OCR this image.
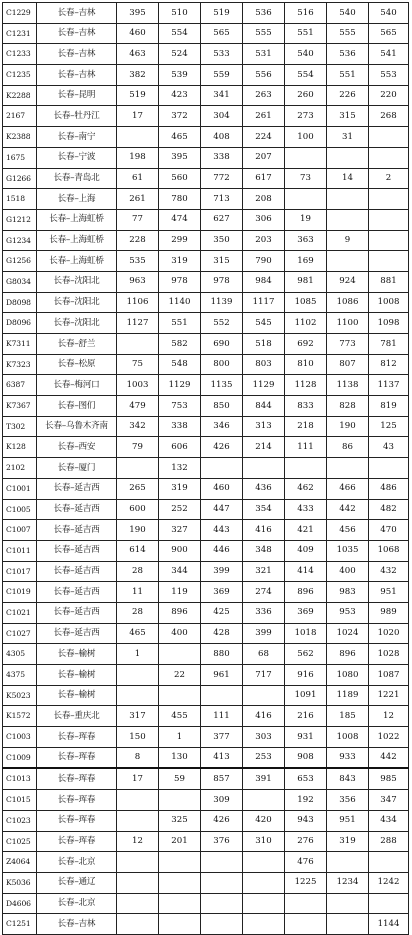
C1229	长春–吉林	395	510	519	536	516	540	540
C1231	长春–吉林	460	554	565	555	551	555	565
C1233	长春–吉林	463	524	533	531	540	536	541
C1235	长春–吉林	382	539	559	556	554	551	553
K2288	长春–昆明	519	423	341	263	260	226	220
2167	长春–牡丹江	17	372	304	261	273	315	268
K2388	长春–南宁		465	408	224	100	31	
1675	长春–宁波	198	395	338	207			
G1266	长春–青岛北	61	560	772	617	73	14	2
1518	长春–上海	261	780	713	208			
G1212	长春–上海虹桥	77	474	627	306	19		
G1234	长春–上海虹桥	228	299	350	203	363	9	
G1256	长春–上海虹桥	535	319	315	790	169		
G8034	长春–沈阳北	963	978	978	984	981	924	881
D8098	长春–沈阳北	1106	1140	1139	1117	1085	1086	1008
D8096	长春–沈阳北	1127	551	552	545	1102	1100	1098
K7311	长春–舒兰		582	690	518	692	773	781
K7323	长春–松原	75	548	800	803	810	807	812
6387	长春–梅河口	1003	1129	1135	1129	1128	1138	1137
K7367	长春–图们	479	753	850	844	833	828	819
T302	长春–乌鲁木齐南	342	338	346	313	218	190	125
K128	长春–西安	79	606	426	214	111	86	43
2102	长春–厦门		132					
C1001	长春–延吉西	265	319	460	436	462	466	486
C1005	长春–延吉西	600	252	447	354	433	442	482
C1007	长春–延吉西	190	327	443	416	421	456	470
C1011	长春–延吉西	614	900	446	348	409	1035	1068
C1017	长春–延吉西	28	344	399	321	414	400	432
C1019	长春–延吉西	11	119	369	274	896	983	951
C1021	长春–延吉西	28	896	425	336	369	953	989
C1027	长春–延吉西	465	400	428	399	1018	1024	1020
4305	长春–榆树	1		880	68	562	896	1028
4375	长春–榆树		22	961	717	916	1080	1087
K5023	长春–榆树					1091	1189	1221
K1572	长春–重庆北	317	455	111	416	216	185	12
C1003	长春–珲春	150	1	377	303	931	1008	1022
C1009	长春–珲春	8	130	413	253	908	933	442
C1013	长春–珲春	17	59	857	391	653	843	985
C1015	长春–珲春			309		192	356	347
C1023	长春–珲春		325	426	420	943	951	434
C1025	长春–珲春	12	201	376	310	276	319	288
Z4064	长春–北京					476		
K5036	长春–通辽					1225	1234	1242
D4606	长春–北京							
C1251	长春–吉林							1144
